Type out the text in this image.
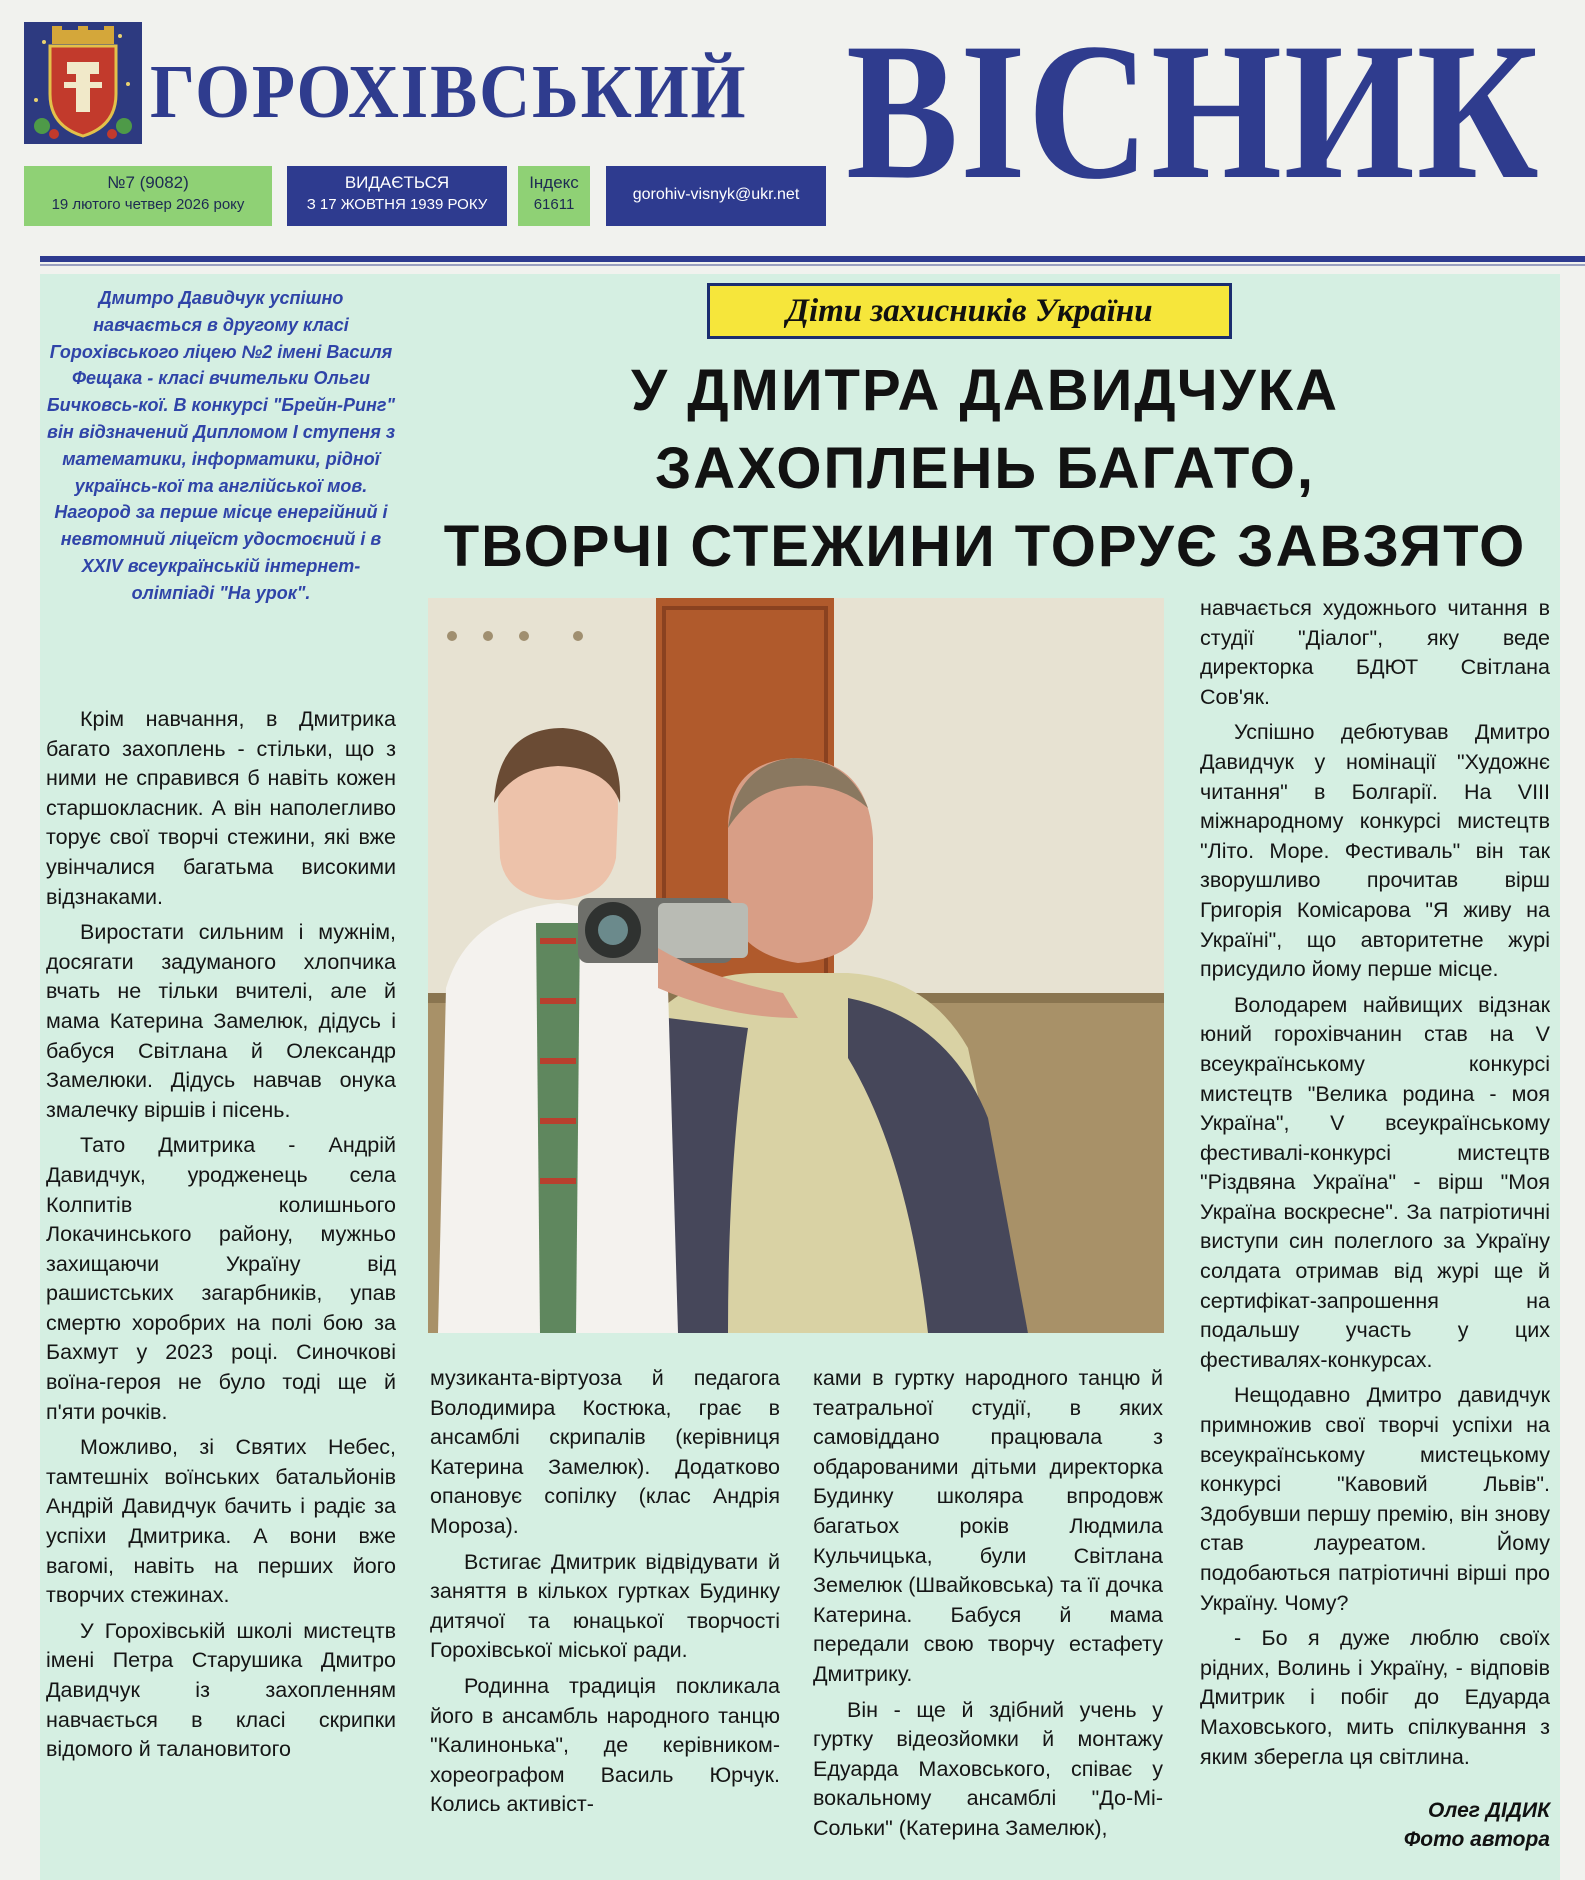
ГОРОХІВСЬКИЙ ВІСНИК
№7 (9082)
19 лютого четвер 2026 року
ВИДАЄТЬСЯ
З 17 ЖОВТНЯ 1939 РОКУ
Індекс
61611
gorohiv-visnyk@ukr.net
Діти захисників України
У ДМИТРА ДАВИДЧУКА
ЗАХОПЛЕНЬ БАГАТО,
ТВОРЧІ СТЕЖИНИ ТОРУЄ ЗАВЗЯТО

Дмитро Давидчук успішно навчається в другому класі Горохівського ліцею №2 імені Василя Фещака - класі вчительки Ольги Бичковсь-кої. В конкурсі "Брейн-Ринг" він відзначений Дипломом І ступеня з математики, інформатики, рідної українсь-кої та англійської мов. Нагород за перше місце енергійний і невтомний ліцеїст удостоєний і в XXIV всеукраїнській інтернет-олімпіаді "На урок".

Крім навчання, в Дмитрика багато захоплень - стільки, що з ними не справився б навіть кожен старшокласник. А він наполегливо торує свої творчі стежини, які вже увінчалися багатьма високими відзнаками.

Виростати сильним і мужнім, досягати задуманого хлопчика вчать не тільки вчителі, але й мама Катерина Замелюк, дідусь і бабуся Світлана й Олександр Замелюки. Дідусь навчав онука змалечку віршів і пісень.

Тато Дмитрика - Андрій Давидчук, уродженець села Колпитів колишнього Локачинського району, мужньо захищаючи Україну від рашистських загарбників, упав смертю хоробрих на полі бою за Бахмут у 2023 році. Синочкові воїна-героя не було тоді ще й п'яти рочків.

Можливо, зі Святих Небес, тамтешніх воїнських батальйонів Андрій Давидчук бачить і радіє за успіхи Дмитрика. А вони вже вагомі, навіть на перших його творчих стежинах.

У Горохівській школі мистецтв імені Петра Старушика Дмитро Давидчук із захопленням навчається в класі скрипки відомого й талановитого

музиканта-віртуоза й педагога Володимира Костюка, грає в ансамблі скрипалів (керівниця Катерина Замелюк). Додатково опановує сопілку (клас Андрія Мороза).

Встигає Дмитрик відвідувати й заняття в кількох гуртках Будинку дитячої та юнацької творчості Горохівської міської ради.

Родинна традиція покликала його в ансамбль народного танцю "Калинонька", де керівником-хореографом Василь Юрчук. Колись активіст-

ками в гуртку народного танцю й театральної студії, в яких самовіддано працювала з обдарованими дітьми директорка Будинку школяра впродовж багатьох років Людмила Кульчицька, були Світлана Земелюк (Швайковська) та її дочка Катерина. Бабуся й мама передали свою творчу естафету Дмитрику.

Він - ще й здібний учень у гуртку відеозйомки й монтажу Едуарда Маховського, співає у вокальному ансамблі "До-Мі-Сольки" (Катерина Замелюк),

навчається художнього читання в студії "Діалог", яку веде директорка БДЮТ Світлана Сов'як.

Успішно дебютував Дмитро Давидчук у номінації "Художнє читання" в Болгарії. На VIII міжнародному конкурсі мистецтв "Літо. Море. Фестиваль" він так зворушливо прочитав вірш Григорія Комісарова "Я живу на Україні", що авторитетне журі присудило йому перше місце.

Володарем найвищих відзнак юний горохівчанин став на V всеукраїнському конкурсі мистецтв "Велика родина - моя Україна", V всеукраїнському фестивалі-конкурсі мистецтв "Різдвяна Україна" - вірш "Моя Україна воскресне". За патріотичні виступи син полеглого за Україну солдата отримав від журі ще й сертифікат-запрошення на подальшу участь у цих фестивалях-конкурсах.

Нещодавно Дмитро давидчук примножив свої творчі успіхи на всеукраїнському мистецькому конкурсі "Кавовий Львів". Здобувши першу премію, він знову став лауреатом. Йому подобаються патріотичні вірші про Україну. Чому?

- Бо я дуже люблю своїх рідних, Волинь і Україну, - відповів Дмитрик і побіг до Едуарда Маховського, мить спілкування з яким зберегла ця світлина.

Олег ДІДИК
Фото автора
